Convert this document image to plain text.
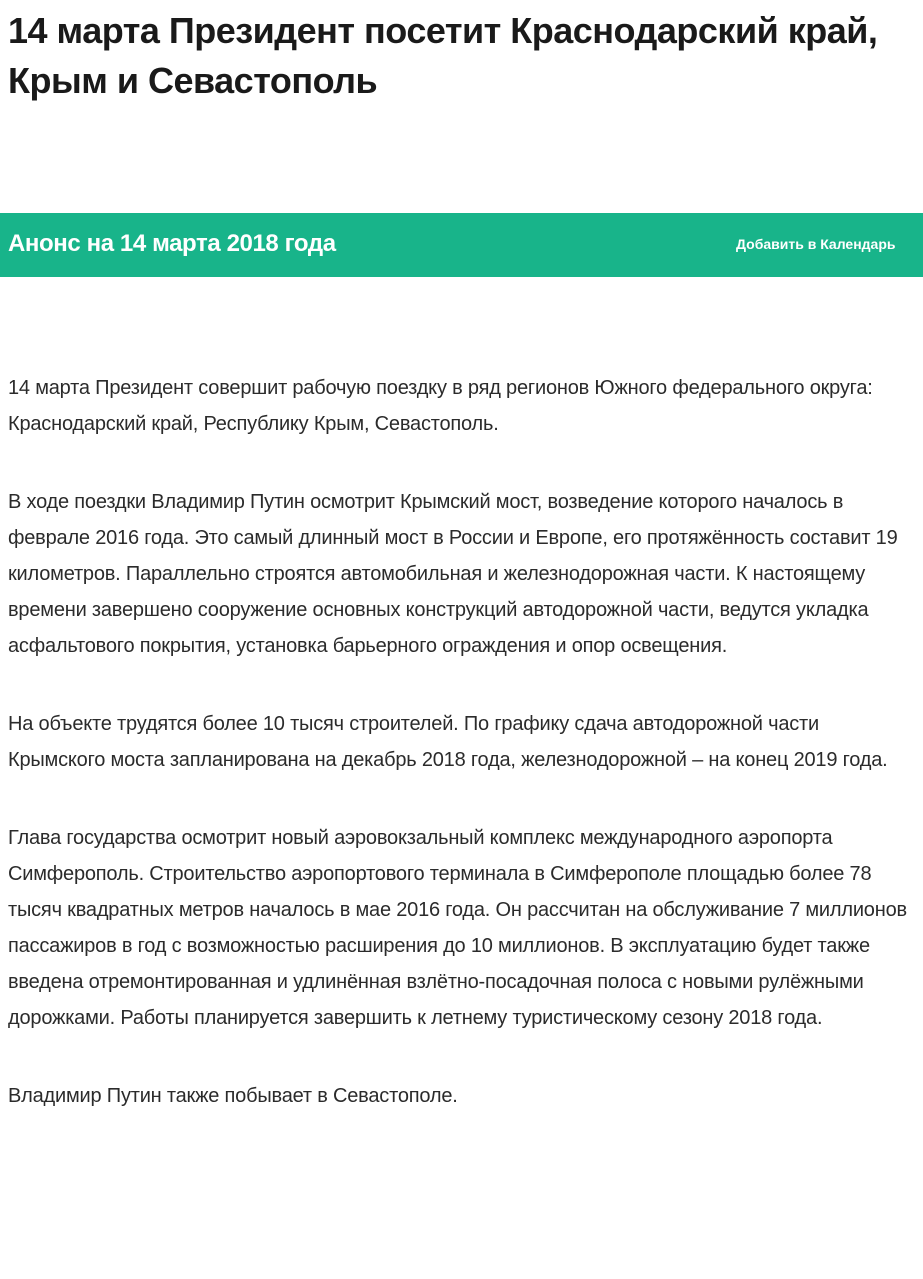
14 марта Президент посетит Краснодарский край, Крым и Севастополь
Анонс на 14 марта 2018 года	Добавить в Календарь

14 марта Президент совершит рабочую поездку в ряд регионов Южного федерального округа: Краснодарский край, Республику Крым, Севастополь.

В ходе поездки Владимир Путин осмотрит Крымский мост, возведение которого началось в феврале 2016 года. Это самый длинный мост в России и Европе, его протяжённость составит 19 километров. Параллельно строятся автомобильная и железнодорожная части. К настоящему времени завершено сооружение основных конструкций автодорожной части, ведутся укладка асфальтового покрытия, установка барьерного ограждения и опор освещения.

На объекте трудятся более 10 тысяч строителей. По графику сдача автодорожной части Крымского моста запланирована на декабрь 2018 года, железнодорожной – на конец 2019 года.

Глава государства осмотрит новый аэровокзальный комплекс международного аэропорта Симферополь. Строительство аэропортового терминала в Симферополе площадью более 78 тысяч квадратных метров началось в мае 2016 года. Он рассчитан на обслуживание 7 миллионов пассажиров в год с возможностью расширения до 10 миллионов. В эксплуатацию будет также введена отремонтированная и удлинённая взлётно-посадочная полоса с новыми рулёжными дорожками. Работы планируется завершить к летнему туристическому сезону 2018 года.

Владимир Путин также побывает в Севастополе.
